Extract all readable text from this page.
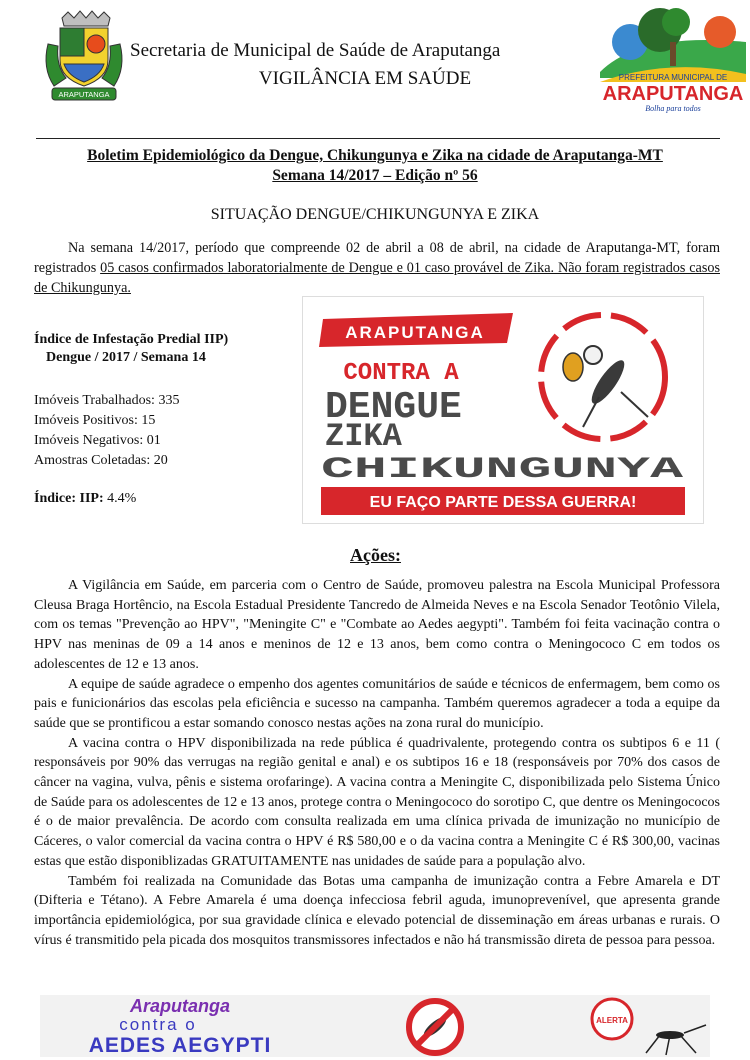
ARAPUTANGA
Secretaria de Municipal de Saúde de Araputanga
VIGILÂNCIA EM SAÚDE	PREFEITURA MUNICIPAL DE
ARAPUTANGA
Bolha para todos
Boletim Epidemiológico da Dengue, Chikungunya e Zika na cidade de Araputanga-MT
Semana 14/2017 – Edição nº 56
SITUAÇÃO DENGUE/CHIKUNGUNYA E ZIKA
Na semana 14/2017, período que compreende 02 de abril a 08 de abril, na cidade de Araputanga-MT, foram registrados 05 casos confirmados laboratorialmente de Dengue e 01 caso provável de Zika. Não foram registrados casos de Chikungunya.
Índice de Infestação Predial IIP)
Dengue / 2017 / Semana 14
Imóveis Trabalhados: 335
Imóveis Positivos: 15
Imóveis Negativos: 01
Amostras Coletadas: 20
Índice: IIP: 4.4%
ARAPUTANGA
CONTRA A
DENGUE
ZIKA
CHIKUNGUNYA
EU FAÇO PARTE DESSA GUERRA!
Ações:

A Vigilância em Saúde, em parceria com o Centro de Saúde, promoveu palestra na Escola Municipal Professora Cleusa Braga Hortêncio, na Escola Estadual Presidente Tancredo de Almeida Neves e na Escola Senador Teotônio Vilela, com os temas "Prevenção ao HPV", "Meningite C" e "Combate ao Aedes aegypti". Também foi feita vacinação contra o HPV nas meninas de 09 a 14 anos e meninos de 12 e 13 anos, bem como contra o Meningococo C em todos os adolescentes de 12 e 13 anos.

A equipe de saúde agradece o empenho dos agentes comunitários de saúde e técnicos de enfermagem, bem como os pais e funicionários das escolas pela eficiência e sucesso na campanha. Também queremos agradecer a toda a equipe da saúde que se prontificou a estar somando conosco nestas ações na zona rural do município.

A vacina contra o HPV disponibilizada na rede pública é quadrivalente, protegendo contra os subtipos 6 e 11 ( responsáveis por 90% das verrugas na região genital e anal) e os subtipos 16 e 18 (responsáveis por 70% dos casos de câncer na vagina, vulva, pênis e sistema orofaringe). A vacina contra a Meningite C, disponibilizada pelo Sistema Único de Saúde para os adolescentes de 12 e 13 anos, protege contra o Meningococo do sorotipo C, que dentre os Meningococos é o de maior prevalência. De acordo com consulta realizada em uma clínica privada de imunização no município de Cáceres, o valor comercial da vacina contra o HPV é R$ 580,00 e o da vacina contra a Meningite C é R$ 300,00, vacinas estas que estão disponiblizadas GRATUITAMENTE nas unidades de saúde para a população alvo.

Também foi realizada na Comunidade das Botas uma campanha de imunização contra a Febre Amarela e DT (Difteria e Tétano). A Febre Amarela é uma doença infecciosa febril aguda, imunoprevenível, que apresenta grande importância epidemiológica, por sua gravidade clínica e elevado potencial de disseminação em áreas urbanas e rurais. O vírus é transmitido pela picada dos mosquitos transmissores infectados e não há transmissão direta de pessoa para pessoa.

Araputanga
contra o
AEDES AEGYPTI
ALERTA
